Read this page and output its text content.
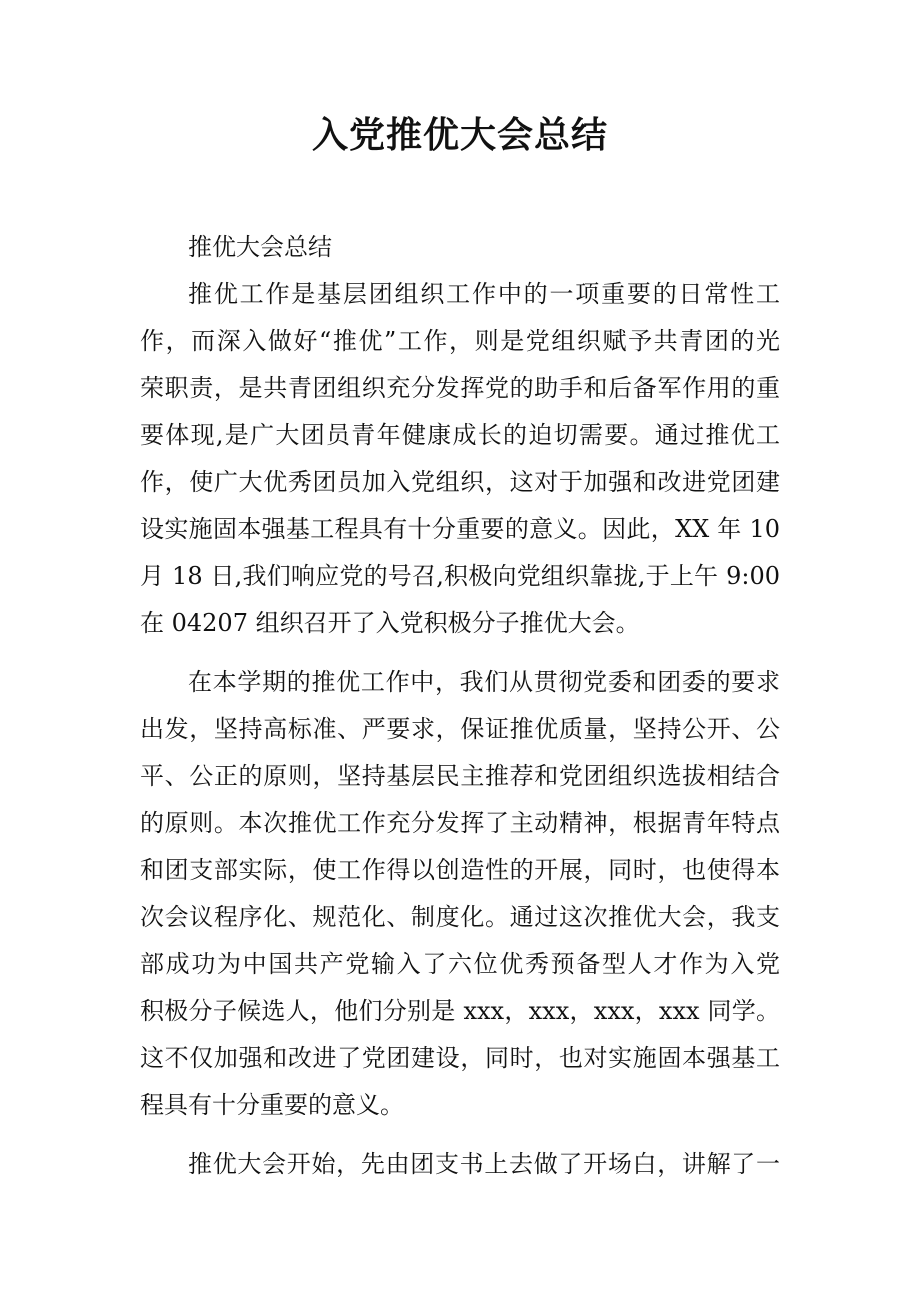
入党推优大会总结

推优大会总结

推优工作是基层团组织工作中的一项重要的日常性工
作，而深入做好“推优”工作，则是党组织赋予共青团的光
荣职责，是共青团组织充分发挥党的助手和后备军作用的重
要体现,是广大团员青年健康成长的迫切需要。通过推优工
作，使广大优秀团员加入党组织，这对于加强和改进党团建
设实施固本强基工程具有十分重要的意义。因此，XX 年 10
月 18 日,我们响应党的号召,积极向党组织靠拢,于上午 9:00
在 04207 组织召开了入党积极分子推优大会。
在本学期的推优工作中，我们从贯彻党委和团委的要求
出发，坚持高标准、严要求，保证推优质量，坚持公开、公
平、公正的原则，坚持基层民主推荐和党团组织选拔相结合
的原则。本次推优工作充分发挥了主动精神，根据青年特点
和团支部实际，使工作得以创造性的开展，同时，也使得本
次会议程序化、规范化、制度化。通过这次推优大会，我支
部成功为中国共产党输入了六位优秀预备型人才作为入党
积极分子候选人，他们分别是 xxx，xxx，xxx，xxx 同学。
这不仅加强和改进了党团建设，同时，也对实施固本强基工
程具有十分重要的意义。
推优大会开始，先由团支书上去做了开场白，讲解了一
